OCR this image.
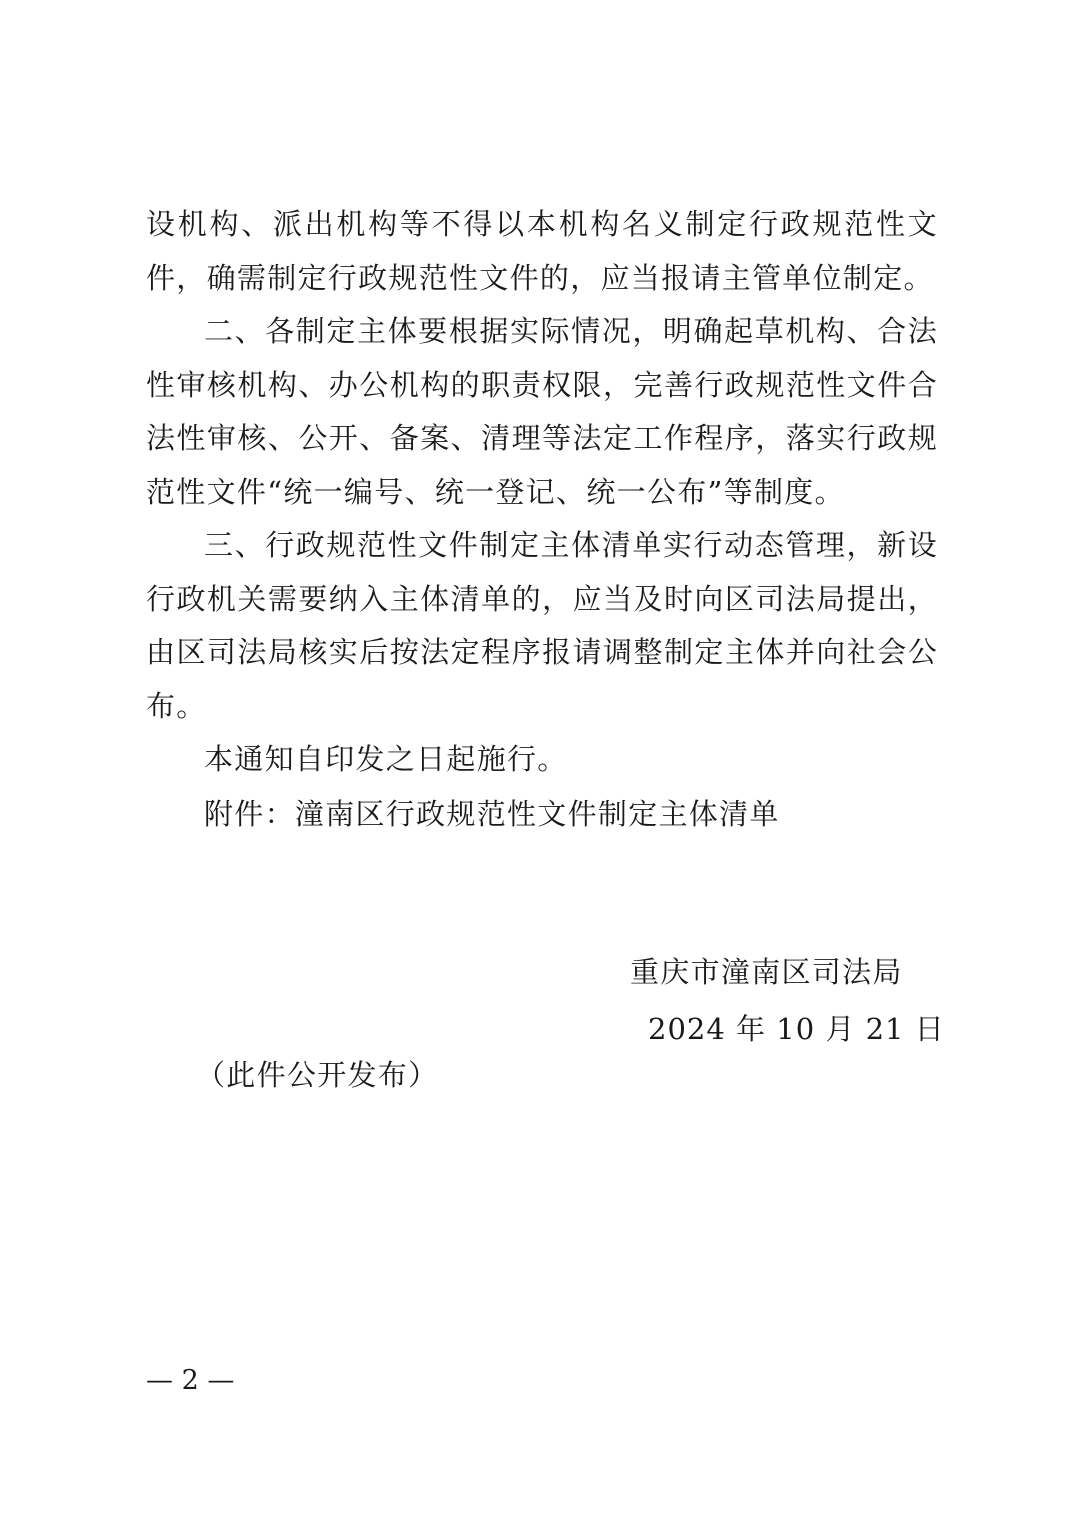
设机构、派出机构等不得以本机构名义制定行政规范性文件，确需制定行政规范性文件的，应当报请主管单位制定。

二、各制定主体要根据实际情况，明确起草机构、合法性审核机构、办公机构的职责权限，完善行政规范性文件合法性审核、公开、备案、清理等法定工作程序，落实行政规范性文件“统一编号、统一登记、统一公布”等制度。

三、行政规范性文件制定主体清单实行动态管理，新设行政机关需要纳入主体清单的，应当及时向区司法局提出，由区司法局核实后按法定程序报请调整制定主体并向社会公布。

本通知自印发之日起施行。

附件：潼南区行政规范性文件制定主体清单
重庆市潼南区司法局
2024 年 10 月 21 日
（此件公开发布）
— 2 —
